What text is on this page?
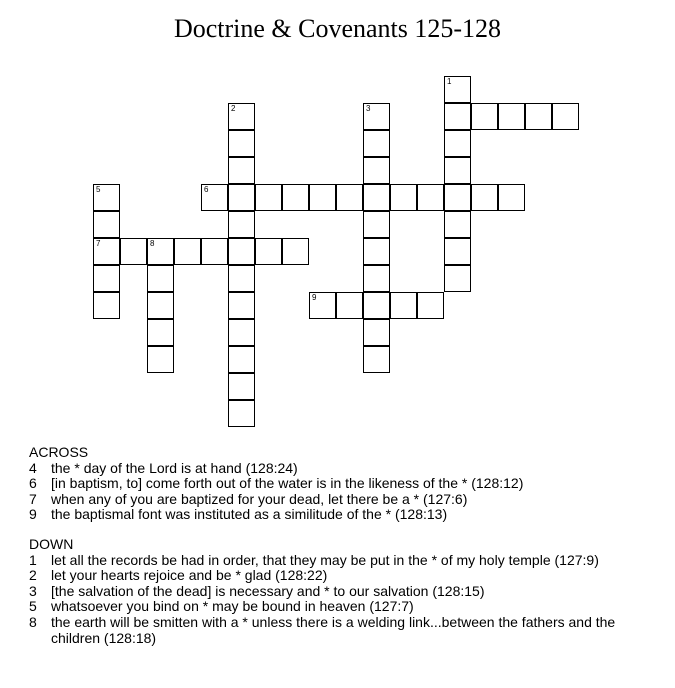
Doctrine & Covenants 125-128
6
7	8
9
1
2	3
5
ACROSS
4	the * day of the Lord is at hand (128:24)
6	[in baptism, to] come forth out of the water is in the likeness of the * (128:12)
7	when any of you are baptized for your dead, let there be a * (127:6)
9	the baptismal font was instituted as a similitude of the * (128:13)
DOWN
1	let all the records be had in order, that they may be put in the * of my holy temple (127:9)
2	let your hearts rejoice and be * glad (128:22)
3	[the salvation of the dead] is necessary and * to our salvation (128:15)
5	whatsoever you bind on * may be bound in heaven (127:7)
8	the earth will be smitten with a * unless there is a welding link...between the fathers and the children (128:18)
